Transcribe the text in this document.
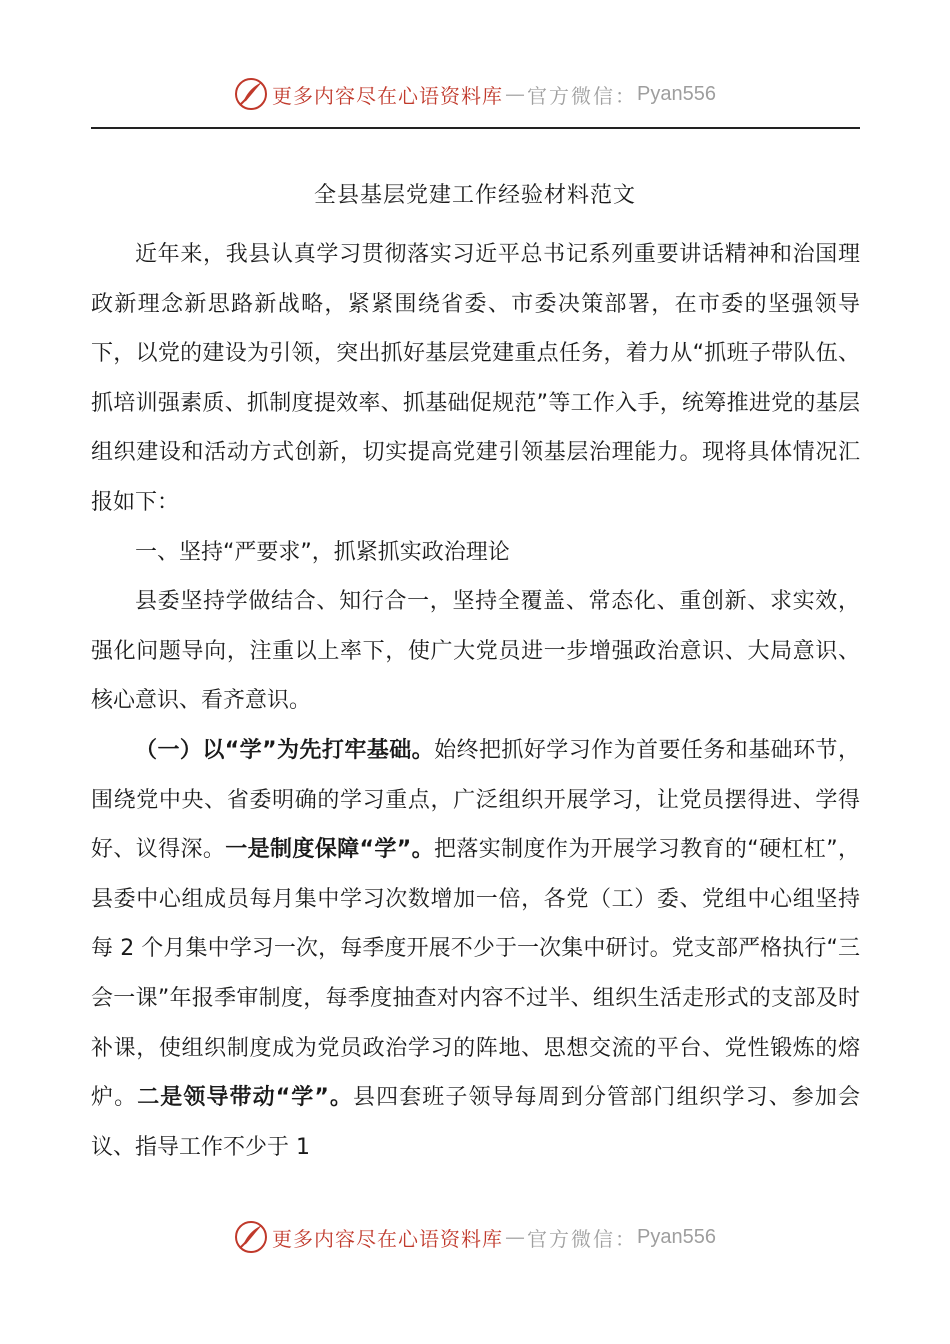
更多内容尽在心语资料库 — 官方微信： Pyan556
全县基层党建工作经验材料范文

近年来，我县认真学习贯彻落实习近平总书记系列重要讲话精神和治国理政新理念新思路新战略，紧紧围绕省委、市委决策部署，在市委的坚强领导下，以党的建设为引领，突出抓好基层党建重点任务，着力从“抓班子带队伍、抓培训强素质、抓制度提效率、抓基础促规范”等工作入手，统筹推进党的基层组织建设和活动方式创新，切实提高党建引领基层治理能力。现将具体情况汇报如下：

一、坚持“严要求”，抓紧抓实政治理论

县委坚持学做结合、知行合一，坚持全覆盖、常态化、重创新、求实效，强化问题导向，注重以上率下，使广大党员进一步增强政治意识、大局意识、核心意识、看齐意识。

（一）以“学”为先打牢基础。始终把抓好学习作为首要任务和基础环节，围绕党中央、省委明确的学习重点，广泛组织开展学习，让党员摆得进、学得好、议得深。一是制度保障“学”。把落实制度作为开展学习教育的“硬杠杠”，县委中心组成员每月集中学习次数增加一倍，各党（工）委、党组中心组坚持每 2 个月集中学习一次，每季度开展不少于一次集中研讨。党支部严格执行“三会一课”年报季审制度，每季度抽查对内容不过半、组织生活走形式的支部及时补课，使组织制度成为党员政治学习的阵地、思想交流的平台、党性锻炼的熔炉。二是领导带动“学”。县四套班子领导每周到分管部门组织学习、参加会议、指导工作不少于 1

更多内容尽在心语资料库 — 官方微信： Pyan556
